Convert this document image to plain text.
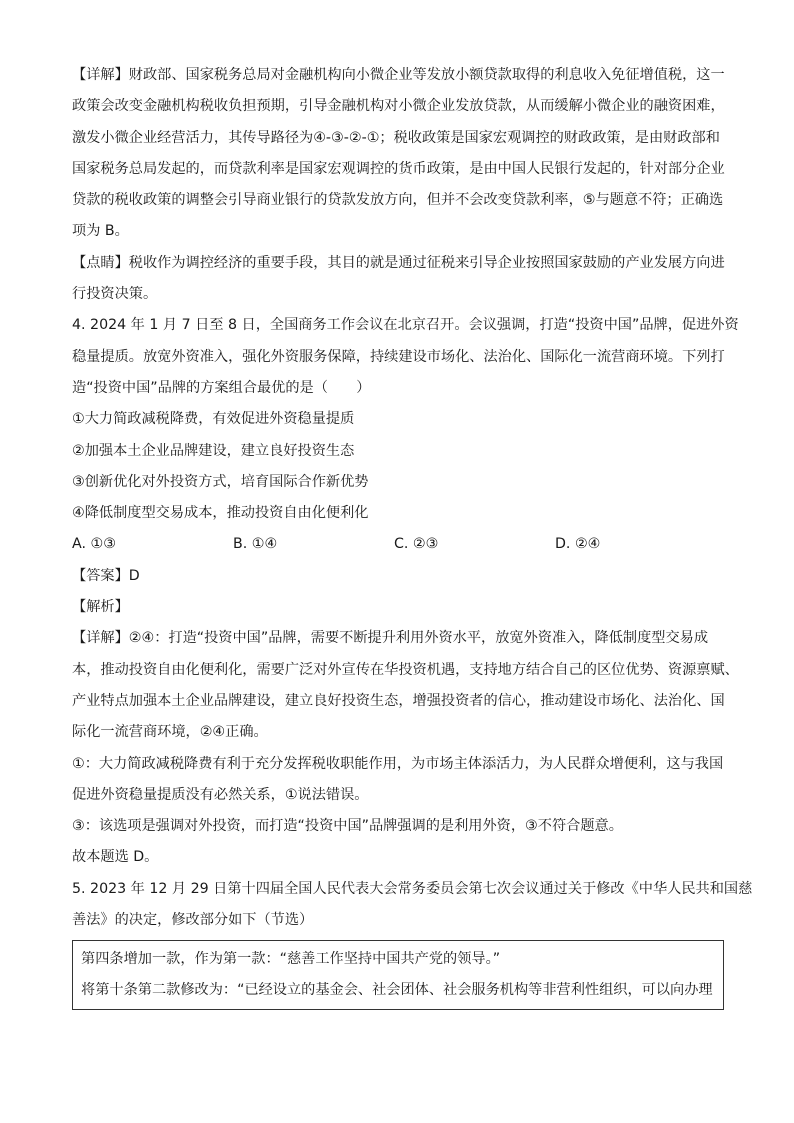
【详解】财政部、国家税务总局对金融机构向小微企业等发放小额贷款取得的利息收入免征增值税，这一
政策会改变金融机构税收负担预期，引导金融机构对小微企业发放贷款，从而缓解小微企业的融资困难，
激发小微企业经营活力，其传导路径为④-③-②-①；税收政策是国家宏观调控的财政政策，是由财政部和
国家税务总局发起的，而贷款利率是国家宏观调控的货币政策，是由中国人民银行发起的，针对部分企业
贷款的税收政策的调整会引导商业银行的贷款发放方向，但并不会改变贷款利率，⑤与题意不符；正确选
项为 B。
【点睛】税收作为调控经济的重要手段，其目的就是通过征税来引导企业按照国家鼓励的产业发展方向进
行投资决策。
4. 2024 年 1 月 7 日至 8 日，全国商务工作会议在北京召开。会议强调，打造“投资中国”品牌，促进外资
稳量提质。放宽外资准入，强化外资服务保障，持续建设市场化、法治化、国际化一流营商环境。下列打
造“投资中国”品牌的方案组合最优的是（　　）
①大力简政减税降费，有效促进外资稳量提质
②加强本土企业品牌建设，建立良好投资生态
③创新优化对外投资方式，培育国际合作新优势
④降低制度型交易成本，推动投资自由化便利化
A. ①③	B. ①④	C. ②③	D. ②④
【答案】D
【解析】
【详解】②④：打造“投资中国”品牌，需要不断提升利用外资水平，放宽外资准入，降低制度型交易成
本，推动投资自由化便利化，需要广泛对外宣传在华投资机遇，支持地方结合自己的区位优势、资源禀赋、
产业特点加强本土企业品牌建设，建立良好投资生态，增强投资者的信心，推动建设市场化、法治化、国
际化一流营商环境，②④正确。
①：大力简政减税降费有利于充分发挥税收职能作用，为市场主体添活力，为人民群众增便利，这与我国
促进外资稳量提质没有必然关系，①说法错误。
③：该选项是强调对外投资，而打造“投资中国”品牌强调的是利用外资，③不符合题意。
故本题选 D。
5. 2023 年 12 月 29 日第十四届全国人民代表大会常务委员会第七次会议通过关于修改《中华人民共和国慈
善法》的决定，修改部分如下（节选）
第四条增加一款，作为第一款：“慈善工作坚持中国共产党的领导。”
将第十条第二款修改为：“已经设立的基金会、社会团体、社会服务机构等非营利性组织，可以向办理
